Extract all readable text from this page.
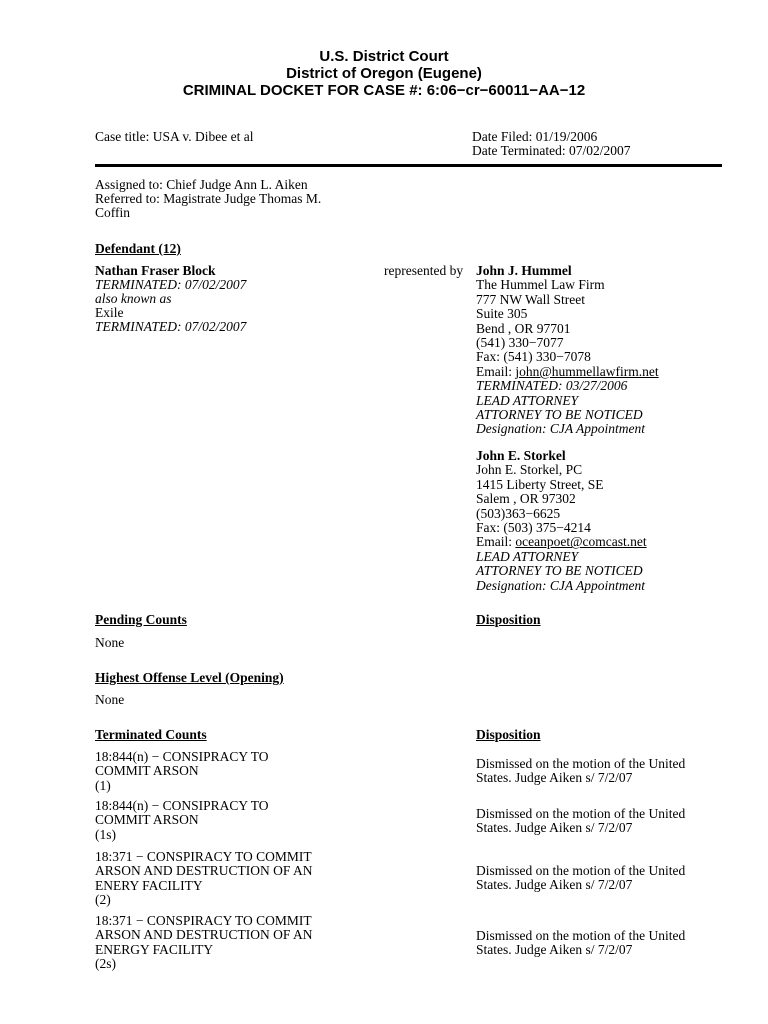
U.S. District Court
District of Oregon (Eugene)
CRIMINAL DOCKET FOR CASE #: 6:06−cr−60011−AA−12
Case title: USA v. Dibee et al	Date Filed: 01/19/2006
Date Terminated: 07/02/2007
Assigned to: Chief Judge Ann L. Aiken
Referred to: Magistrate Judge Thomas M.
Coffin
Defendant (12)
Nathan Fraser Block
TERMINATED: 07/02/2007
also known as
Exile
TERMINATED: 07/02/2007
represented by John J. Hummel
The Hummel Law Firm
777 NW Wall Street
Suite 305
Bend , OR 97701
(541) 330−7077
Fax: (541) 330−7078
Email: john@hummellawfirm.net
TERMINATED: 03/27/2006
LEAD ATTORNEY
ATTORNEY TO BE NOTICED
Designation: CJA Appointment
John E. Storkel
John E. Storkel, PC
1415 Liberty Street, SE
Salem , OR 97302
(503)363−6625
Fax: (503) 375−4214
Email: oceanpoet@comcast.net
LEAD ATTORNEY
ATTORNEY TO BE NOTICED
Designation: CJA Appointment
Pending Counts	Disposition
None
Highest Offense Level (Opening)
None
Terminated Counts	Disposition
18:844(n) − CONSIPRACY TO
COMMIT ARSON
(1)
Dismissed on the motion of the United
States. Judge Aiken s/ 7/2/07
18:844(n) − CONSIPRACY TO
COMMIT ARSON
(1s)
Dismissed on the motion of the United
States. Judge Aiken s/ 7/2/07
18:371 − CONSPIRACY TO COMMIT
ARSON AND DESTRUCTION OF AN
ENERY FACILITY
(2)
Dismissed on the motion of the United
States. Judge Aiken s/ 7/2/07
18:371 − CONSPIRACY TO COMMIT
ARSON AND DESTRUCTION OF AN
ENERGY FACILITY
(2s)
Dismissed on the motion of the United
States. Judge Aiken s/ 7/2/07
